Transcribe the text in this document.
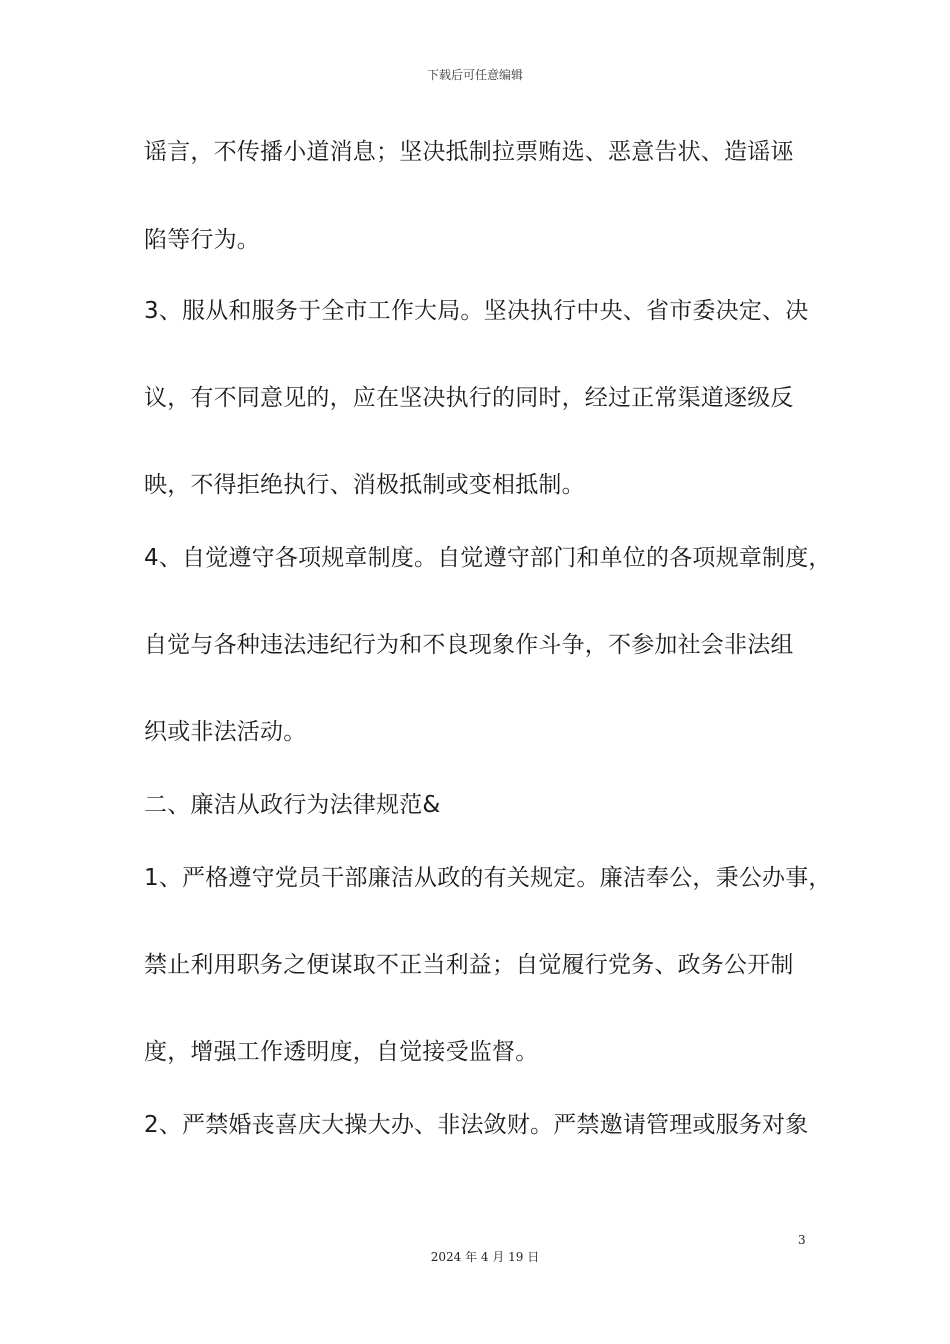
下载后可任意编辑
谣言，不传播小道消息；坚决抵制拉票贿选、恶意告状、造谣诬
陷等行为。
3、服从和服务于全市工作大局。坚决执行中央、省市委决定、决
议，有不同意见的，应在坚决执行的同时，经过正常渠道逐级反
映，不得拒绝执行、消极抵制或变相抵制。
4、自觉遵守各项规章制度。自觉遵守部门和单位的各项规章制度，
自觉与各种违法违纪行为和不良现象作斗争，不参加社会非法组
织或非法活动。
二、廉洁从政行为法律规范&
1、严格遵守党员干部廉洁从政的有关规定。廉洁奉公，秉公办事，
禁止利用职务之便谋取不正当利益；自觉履行党务、政务公开制
度，增强工作透明度，自觉接受监督。
2、严禁婚丧喜庆大操大办、非法敛财。严禁邀请管理或服务对象
3
2024 年 4 月 19 日
